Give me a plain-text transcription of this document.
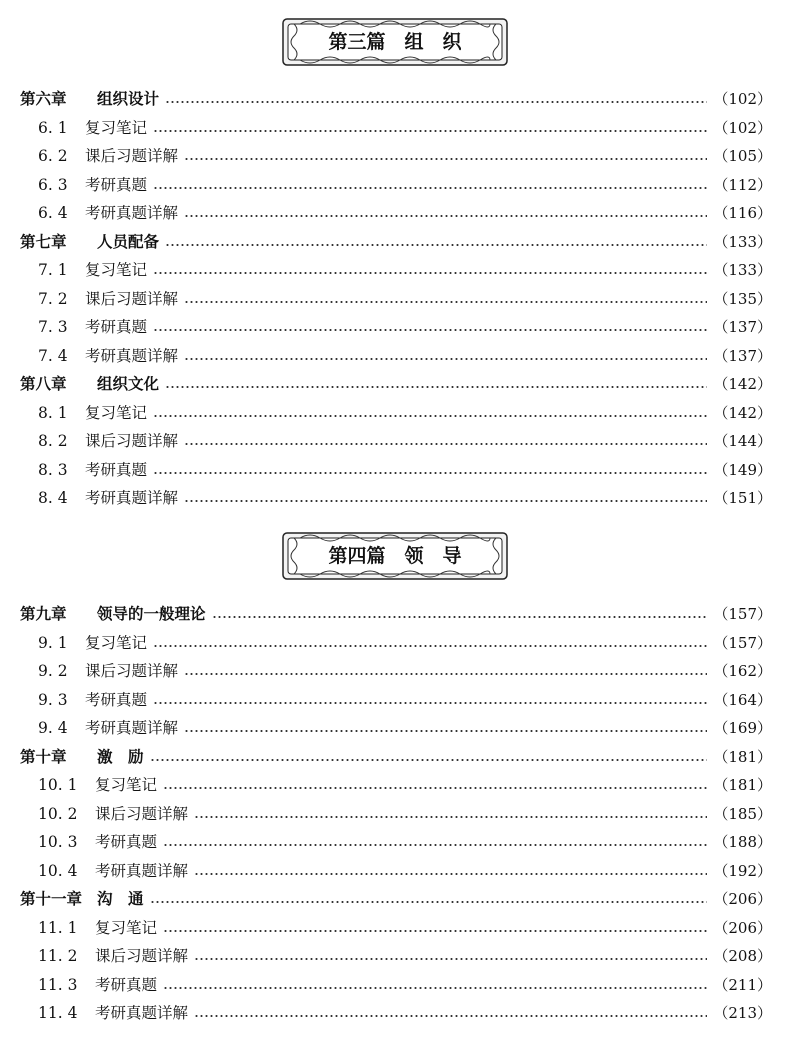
第三篇　组　织
第六章	组织设计	（102）
6. 1	复习笔记	（102）
6. 2	课后习题详解	（105）
6. 3	考研真题	（112）
6. 4	考研真题详解	（116）
第七章	人员配备	（133）
7. 1	复习笔记	（133）
7. 2	课后习题详解	（135）
7. 3	考研真题	（137）
7. 4	考研真题详解	（137）
第八章	组织文化	（142）
8. 1	复习笔记	（142）
8. 2	课后习题详解	（144）
8. 3	考研真题	（149）
8. 4	考研真题详解	（151）
第四篇　领　导
第九章	领导的一般理论	（157）
9. 1	复习笔记	（157）
9. 2	课后习题详解	（162）
9. 3	考研真题	（164）
9. 4	考研真题详解	（169）
第十章	激　励	（181）
10. 1	复习笔记	（181）
10. 2	课后习题详解	（185）
10. 3	考研真题	（188）
10. 4	考研真题详解	（192）
第十一章 沟　通	（206）
11. 1	复习笔记	（206）
11. 2	课后习题详解	（208）
11. 3	考研真题	（211）
11. 4	考研真题详解	（213）
